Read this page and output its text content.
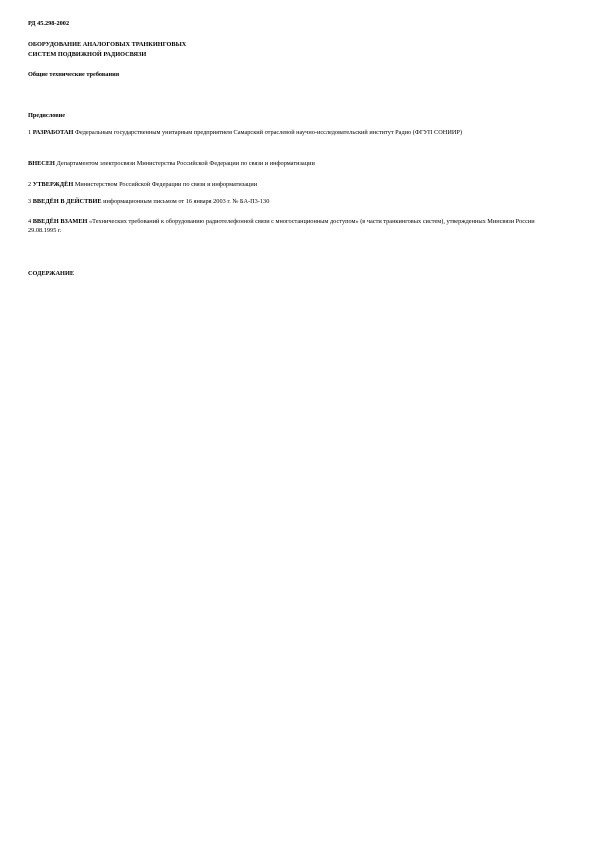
РД 45.298-2002
ОБОРУДОВАНИЕ АНАЛОГОВЫХ ТРАНКИНГОВЫХ
СИСТЕМ ПОДВИЖНОЙ РАДИОСВЯЗИ
Общие технические требования
Предисловие
1 РАЗРАБОТАН Федеральным государственным унитарным предприятием Самарский отраслевой научно-исследовательский институт Радио (ФГУП СОНИИР)
ВНЕСЕН Департаментом электросвязи Министерства Российской Федерации по связи и информатизации
2 УТВЕРЖДЁН Министерством Российской Федерации по связи и информатизации
3 ВВЕДЁН В ДЕЙСТВИЕ информационным письмом от 16 января 2003 г. № БА-П3-130
4 ВВЕДЁН ВЗАМЕН «Технических требований к оборудованию радиотелефонной связи с многостанционным доступом» (в части транкинговых систем), утвержденных Минсвязи России 29.08.1995 г.
СОДЕРЖАНИЕ
